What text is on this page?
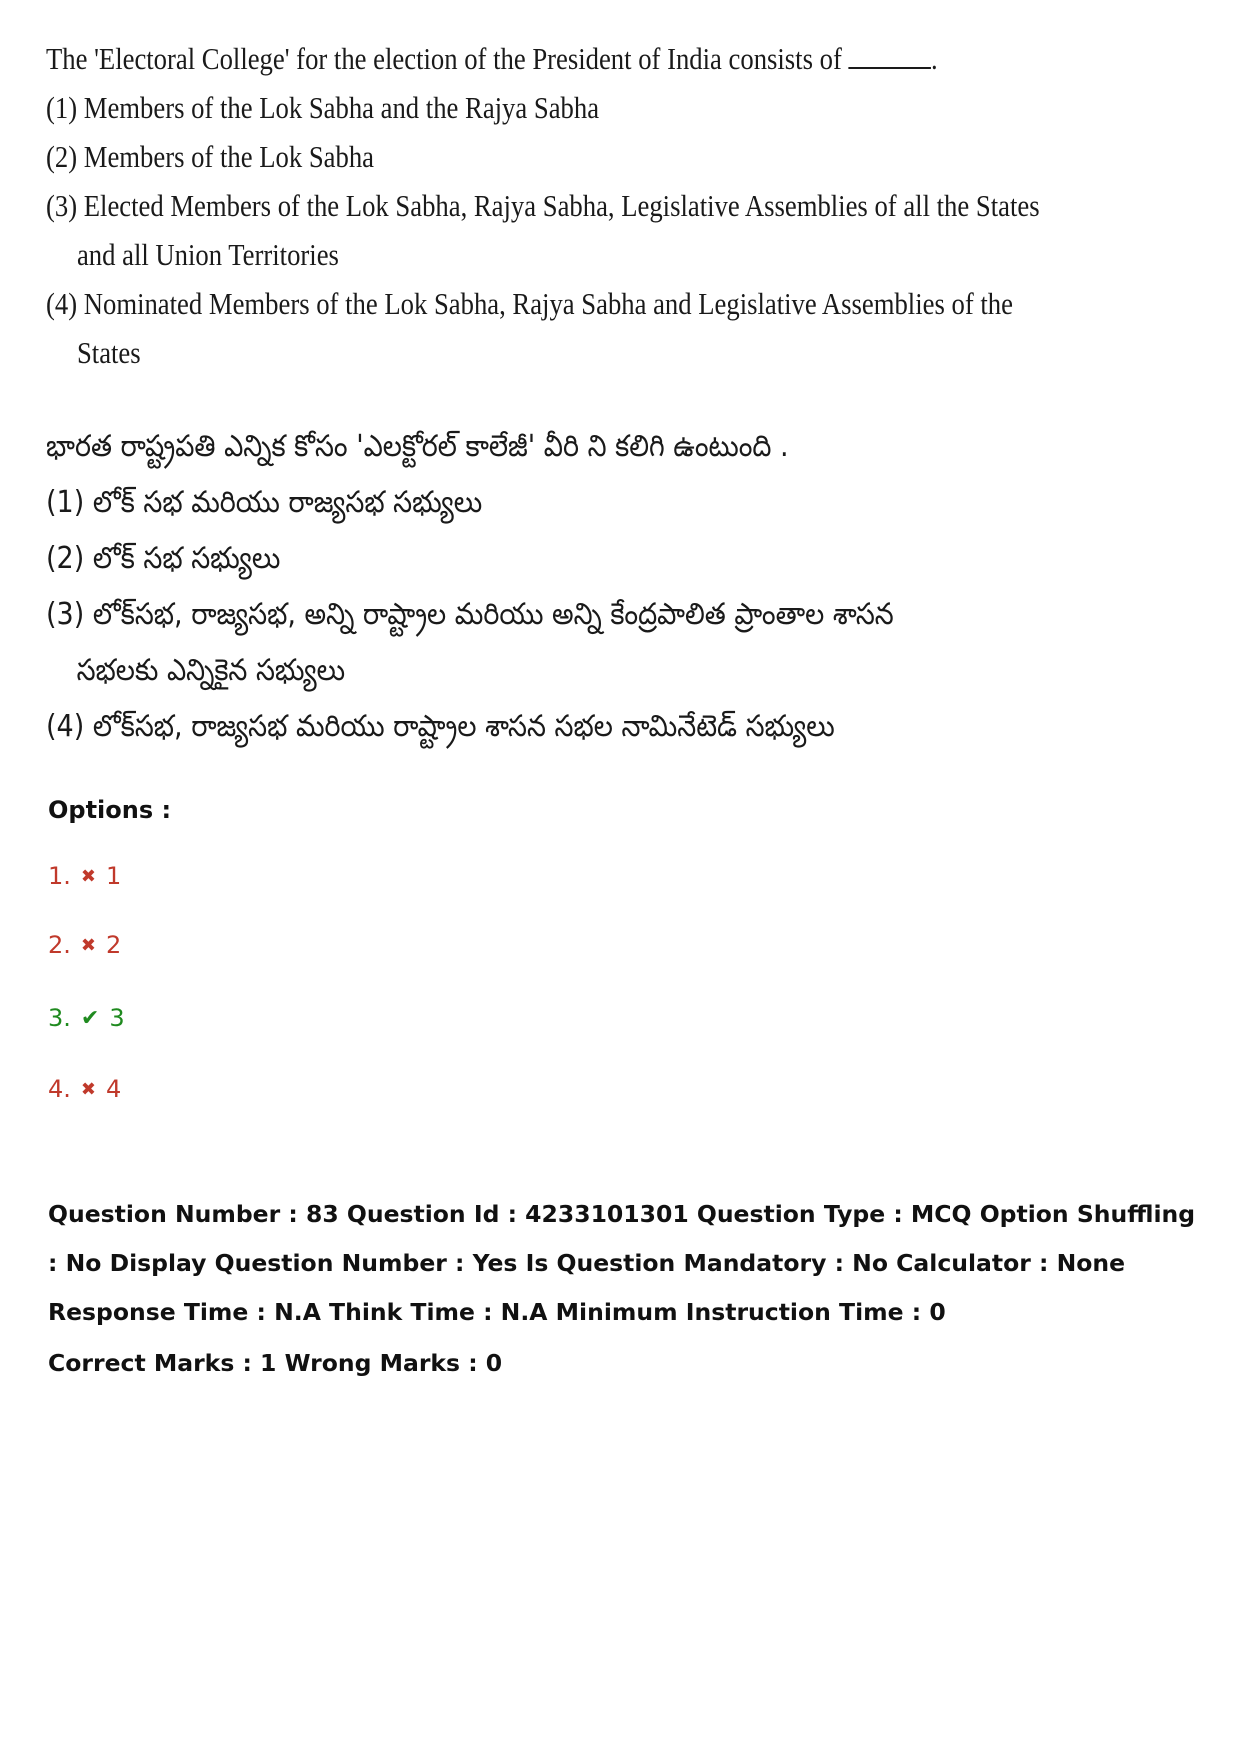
The 'Electoral College' for the election of the President of India consists of	.
(1) Members of the Lok Sabha and the Rajya Sabha
(2) Members of the Lok Sabha
(3) Elected Members of the Lok Sabha, Rajya Sabha, Legislative Assemblies of all the States
and all Union Territories
(4) Nominated Members of the Lok Sabha, Rajya Sabha and Legislative Assemblies of the
States
భారత రాష్ట్రపతి ఎన్నిక కోసం 'ఎలక్టోరల్ కాలేజీ' వీరి ని కలిగి ఉంటుంది .
(1) లోక్ సభ మరియు రాజ్యసభ సభ్యులు
(2) లోక్ సభ సభ్యులు
(3) లోక్‌సభ, రాజ్యసభ, అన్ని రాష్ట్రాల మరియు అన్ని కేంద్రపాలిత ప్రాంతాల శాసన
సభలకు ఎన్నికైన సభ్యులు
(4) లోక్‌సభ, రాజ్యసభ మరియు రాష్ట్రాల శాసన సభల నామినేటెడ్ సభ్యులు
Options :
1. ✖ 1
2. ✖ 2
3. ✔ 3
4. ✖ 4
Question Number : 83 Question Id : 4233101301 Question Type : MCQ Option Shuffling : No Display Question Number : Yes Is Question Mandatory : No Calculator : None Response Time : N.A Think Time : N.A Minimum Instruction Time : 0
Correct Marks : 1 Wrong Marks : 0
